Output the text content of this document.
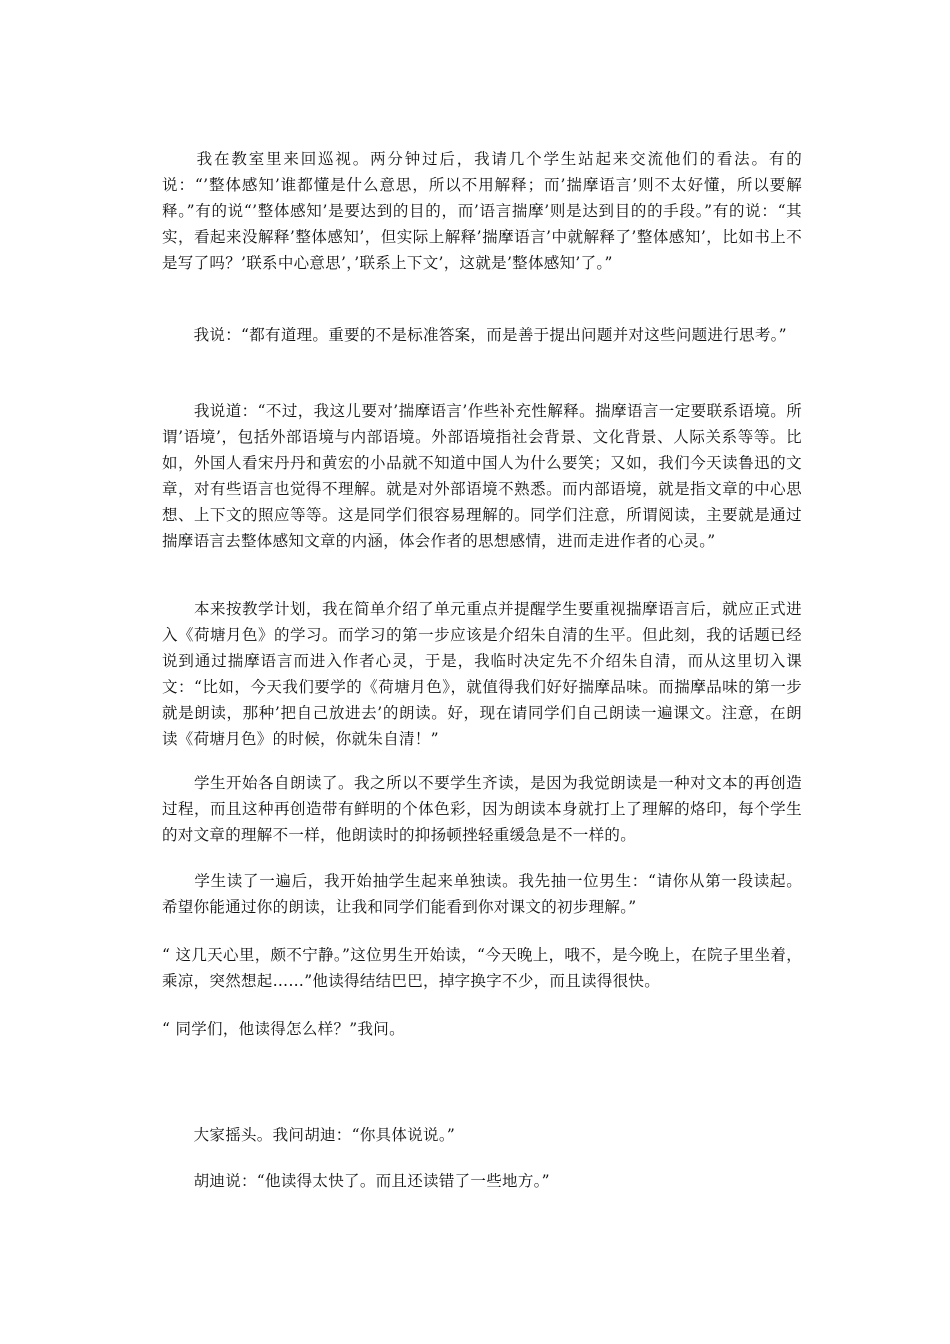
　　我在教室里来回巡视。两分钟过后，我请几个学生站起来交流他们的看法。有的说：“’整体感知’谁都懂是什么意思，所以不用解释；而’揣摩语言’则不太好懂，所以要解释。”有的说“’整体感知’是要达到的目的，而’语言揣摩’则是达到目的的手段。”有的说：“其实，看起来没解释’整体感知’，但实际上解释’揣摩语言’中就解释了’整体感知’，比如书上不是写了吗？’联系中心意思’，’联系上下文’，这就是’整体感知’了。”

　　我说：“都有道理。重要的不是标准答案，而是善于提出问题并对这些问题进行思考。”

　　我说道：“不过，我这儿要对’揣摩语言’作些补充性解释。揣摩语言一定要联系语境。所谓’语境’，包括外部语境与内部语境。外部语境指社会背景、文化背景、人际关系等等。比如，外国人看宋丹丹和黄宏的小品就不知道中国人为什么要笑；又如，我们今天读鲁迅的文章，对有些语言也觉得不理解。就是对外部语境不熟悉。而内部语境，就是指文章的中心思想、上下文的照应等等。这是同学们很容易理解的。同学们注意，所谓阅读，主要就是通过揣摩语言去整体感知文章的内涵，体会作者的思想感情，进而走进作者的心灵。”

　　本来按教学计划，我在简单介绍了单元重点并提醒学生要重视揣摩语言后，就应正式进入《荷塘月色》的学习。而学习的第一步应该是介绍朱自清的生平。但此刻，我的话题已经说到通过揣摩语言而进入作者心灵，于是，我临时决定先不介绍朱自清，而从这里切入课文：“比如，今天我们要学的《荷塘月色》，就值得我们好好揣摩品味。而揣摩品味的第一步就是朗读，那种’把自己放进去’的朗读。好，现在请同学们自己朗读一遍课文。注意，在朗读《荷塘月色》的时候，你就朱自清！”

　　学生开始各自朗读了。我之所以不要学生齐读，是因为我觉朗读是一种对文本的再创造过程，而且这种再创造带有鲜明的个体色彩，因为朗读本身就打上了理解的烙印，每个学生的对文章的理解不一样，他朗读时的抑扬顿挫轻重缓急是不一样的。

　　学生读了一遍后，我开始抽学生起来单独读。我先抽一位男生：“请你从第一段读起。希望你能通过你的朗读，让我和同学们能看到你对课文的初步理解。”

“ 这几天心里，颇不宁静。”这位男生开始读，“今天晚上，哦不，是今晚上，在院子里坐着，乘凉，突然想起……”他读得结结巴巴，掉字换字不少，而且读得很快。

“ 同学们，他读得怎么样？”我问。

　　大家摇头。我问胡迪：“你具体说说。”

　　胡迪说：“他读得太快了。而且还读错了一些地方。”
